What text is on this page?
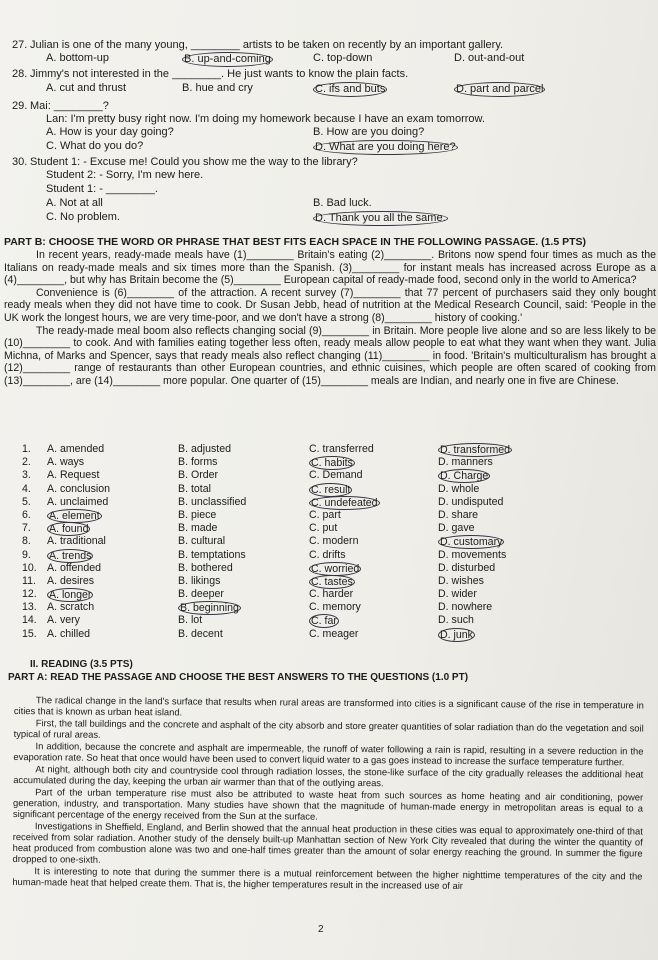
Julian is one of the many young, ________ artists to be taken on recently by an important gallery.
27.
A. bottom-up	B. up-and-coming	C. top-down	D. out-and-out
28. Jimmy's not interested in the ________. He just wants to know the plain facts.
A. cut and thrust	B. hue and cry	C. ifs and buts	D. part and parcel
29. Mai: ________?
Lan: I'm pretty busy right now. I'm doing my homework because I have an exam tomorrow.
A. How is your day going?	B. How are you doing?
C. What do you do?	D. What are you doing here?
30. Student 1: - Excuse me! Could you show me the way to the library?
Student 2: - Sorry, I'm new here.
Student 1: - ________.
A. Not at all	B. Bad luck.
C. No problem.	D. Thank you all the same.
PART B: CHOOSE THE WORD OR PHRASE THAT BEST FITS EACH SPACE IN THE FOLLOWING PASSAGE. (1.5 PTS)

In recent years, ready-made meals have (1)________ Britain's eating (2)________. Britons now spend four times as much as the Italians on ready-made meals and six times more than the Spanish. (3)________ for instant meals has increased across Europe as a (4)________, but why has Britain become the (5)________ European capital of ready-made food, second only in the world to America?

Convenience is (6)________ of the attraction. A recent survey (7)________ that 77 percent of purchasers said they only bought ready meals when they did not have time to cook. Dr Susan Jebb, head of nutrition at the Medical Research Council, said: 'People in the UK work the longest hours, we are very time-poor, and we don't have a strong (8)________ history of cooking.'

The ready-made meal boom also reflects changing social (9)________ in Britain. More people live alone and so are less likely to be (10)________ to cook. And with families eating together less often, ready meals allow people to eat what they want when they want. Julia Michna, of Marks and Spencer, says that ready meals also reflect changing (11)________ in food. 'Britain's multiculturalism has brought a (12)________ range of restaurants than other European countries, and ethnic cuisines, which people are often scared of cooking from (13)________, are (14)________ more popular. One quarter of (15)________ meals are Indian, and nearly one in five are Chinese.

1. A. amended	B. adjusted	C. transferred	D. transformed
2. A. ways	B. forms	C. habits	D. manners
3. A. Request	B. Order	C. Demand	D. Charge
4. A. conclusion	B. total	C. result	D. whole
5. A. unclaimed	B. unclassified	C. undefeated	D. undisputed
6. A. element	B. piece	C. part	D. share
7. A. found	B. made	C. put	D. gave
8. A. traditional	B. cultural	C. modern	D. customary
9. A. trends	B. temptations	C. drifts	D. movements
10. A. offended	B. bothered	C. worried	D. disturbed
11. A. desires	B. likings	C. tastes	D. wishes
12. A. longer	B. deeper	C. harder	D. wider
13. A. scratch	B. beginning	C. memory	D. nowhere
14. A. very	B. lot	C. far	D. such
15. A. chilled	B. decent	C. meager	D. junk
II. READING (3.5 PTS)
PART A: READ THE PASSAGE AND CHOOSE THE BEST ANSWERS TO THE QUESTIONS (1.0 PT)

The radical change in the land's surface that results when rural areas are transformed into cities is a significant cause of the rise in temperature in cities that is known as urban heat island.

First, the tall buildings and the concrete and asphalt of the city absorb and store greater quantities of solar radiation than do the vegetation and soil typical of rural areas.

In addition, because the concrete and asphalt are impermeable, the runoff of water following a rain is rapid, resulting in a severe reduction in the evaporation rate. So heat that once would have been used to convert liquid water to a gas goes instead to increase the surface temperature further.

At night, although both city and countryside cool through radiation losses, the stone-like surface of the city gradually releases the additional heat accumulated during the day, keeping the urban air warmer than that of the outlying areas.

Part of the urban temperature rise must also be attributed to waste heat from such sources as home heating and air conditioning, power generation, industry, and transportation. Many studies have shown that the magnitude of human-made energy in metropolitan areas is equal to a significant percentage of the energy received from the Sun at the surface.

Investigations in Sheffield, England, and Berlin showed that the annual heat production in these cities was equal to approximately one-third of that received from solar radiation. Another study of the densely built-up Manhattan section of New York City revealed that during the winter the quantity of heat produced from combustion alone was two and one-half times greater than the amount of solar energy reaching the ground. In summer the figure dropped to one-sixth.

It is interesting to note that during the summer there is a mutual reinforcement between the higher nighttime temperatures of the city and the human-made heat that helped create them. That is, the higher temperatures result in the increased use of air

2
